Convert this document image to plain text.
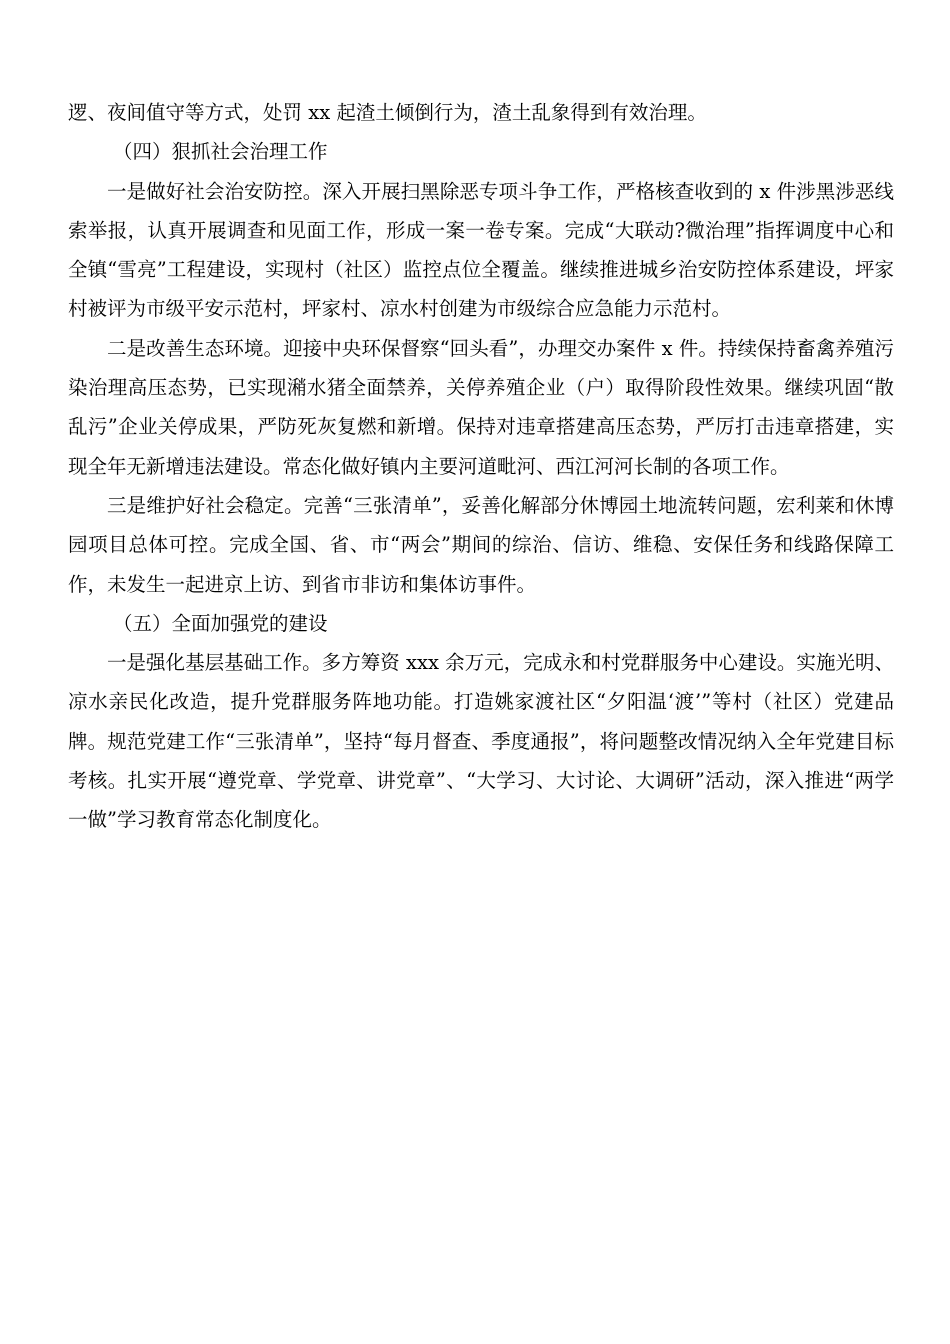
逻、夜间值守等方式，处罚 xx 起渣土倾倒行为，渣土乱象得到有效治理。

（四）狠抓社会治理工作

一是做好社会治安防控。深入开展扫黑除恶专项斗争工作，严格核查收到的 x 件涉黑涉恶线索举报，认真开展调查和见面工作，形成一案一卷专案。完成“大联动?微治理”指挥调度中心和全镇“雪亮”工程建设，实现村（社区）监控点位全覆盖。继续推进城乡治安防控体系建设，坪家村被评为市级平安示范村，坪家村、凉水村创建为市级综合应急能力示范村。

二是改善生态环境。迎接中央环保督察“回头看”，办理交办案件 x 件。持续保持畜禽养殖污染治理高压态势，已实现潲水猪全面禁养，关停养殖企业（户）取得阶段性效果。继续巩固“散乱污”企业关停成果，严防死灰复燃和新增。保持对违章搭建高压态势，严厉打击违章搭建，实现全年无新增违法建设。常态化做好镇内主要河道毗河、西江河河长制的各项工作。

三是维护好社会稳定。完善“三张清单”，妥善化解部分休博园土地流转问题，宏利莱和休博园项目总体可控。完成全国、省、市“两会”期间的综治、信访、维稳、安保任务和线路保障工作，未发生一起进京上访、到省市非访和集体访事件。

（五）全面加强党的建设

一是强化基层基础工作。多方筹资 xxx 余万元，完成永和村党群服务中心建设。实施光明、凉水亲民化改造，提升党群服务阵地功能。打造姚家渡社区“夕阳温‘渡’”等村（社区）党建品牌。规范党建工作“三张清单”，坚持“每月督查、季度通报”，将问题整改情况纳入全年党建目标考核。扎实开展“遵党章、学党章、讲党章”、“大学习、大讨论、大调研”活动，深入推进“两学一做”学习教育常态化制度化。
